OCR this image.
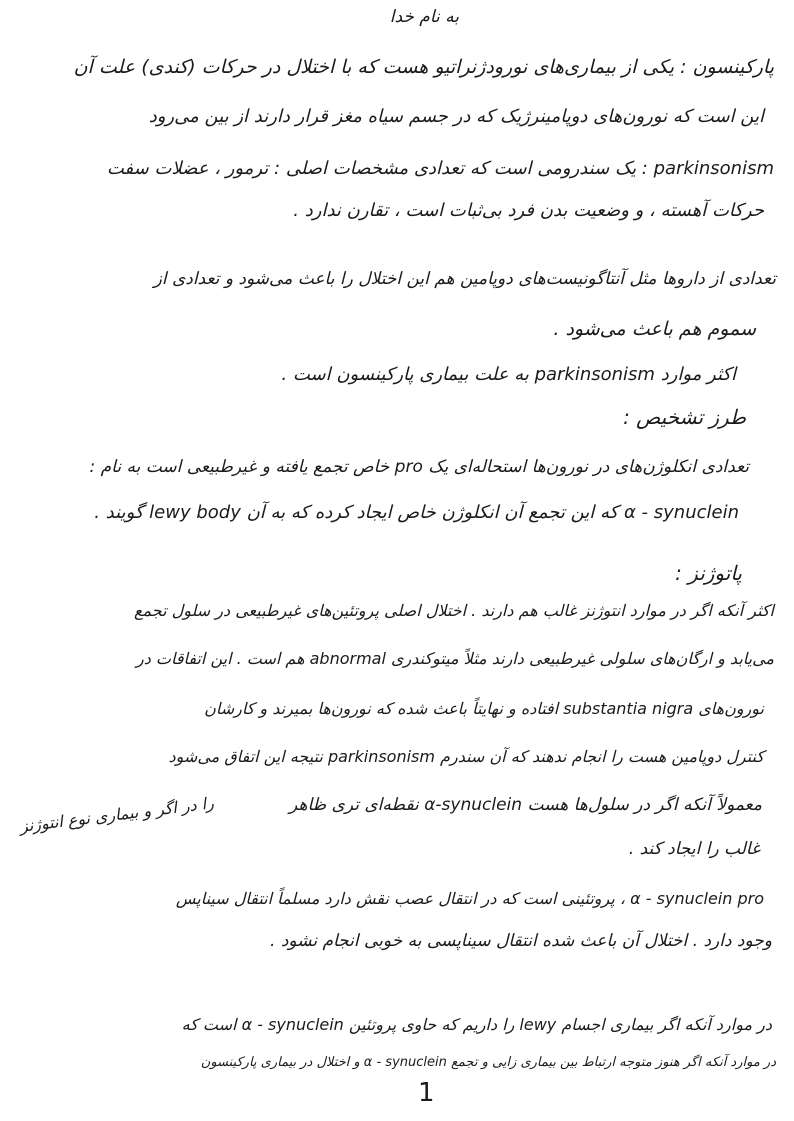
به نام خدا
پارکینسون : یکی از بیماری‌های نورودژنراتیو هست که با اختلال در حرکات (کندی) علت آن
این است که نورون‌های دوپامینرژیک که در جسم سیاه مغز قرار دارند از بین می‌رود
parkinsonism : یک سندرومی است که تعدادی مشخصات اصلی : ترمور ، عضلات سفت
حرکات آهسته ، و وضعیت بدن فرد بی‌ثبات است ، تقارن ندارد .
تعدادی از داروها مثل آنتاگونیست‌های دوپامین هم این اختلال را باعث می‌شود و تعدادی از
سموم هم باعث می‌شود .
اکثر موارد parkinsonism به علت بیماری پارکینسون است .
طرز تشخیص :
تعدادی انکلوژن‌های در نورون‌ها استحاله‌ای یک pro خاص تجمع یافته و غیرطبیعی است به نام :
α - synuclein که این تجمع آن انکلوژن خاص ایجاد کرده که به آن lewy body گویند .
پاتوژنز :
اکثر آنکه اگر در موارد انتوژنز غالب هم دارند . اختلال اصلی پروتئین‌های غیرطبیعی در سلول تجمع
می‌یابد و ارگان‌های سلولی غیرطبیعی دارند مثلاً میتوکندری abnormal هم است . این اتفاقات در
نورون‌های substantia nigra افتاده و نهایتاً باعث شده که نورون‌ها بمیرند و کارشان
کنترل دوپامین هست را انجام ندهند که آن سندرم parkinsonism نتیجه این اتفاق می‌شود
معمولاً آنکه اگر در سلول‌ها هست α-synuclein نقطه‌ای تری ظاهر
غالب را ایجاد کند .
را در اگر و بیماری نوع انتوژنز
α - synuclein pro ، پروتئینی است که در انتقال عصب نقش دارد مسلماً انتقال سیناپس
وجود دارد . اختلال آن باعث شده انتقال سیناپسی به خوبی انجام نشود .
در موارد آنکه اگر بیماری اجسام lewy را داریم که حاوی پروتئین α - synuclein است که
در موارد آنکه اگر هنوز متوجه ارتباط بین بیماری زایی و تجمع α - synuclein و اختلال در بیماری پارکینسون
1
